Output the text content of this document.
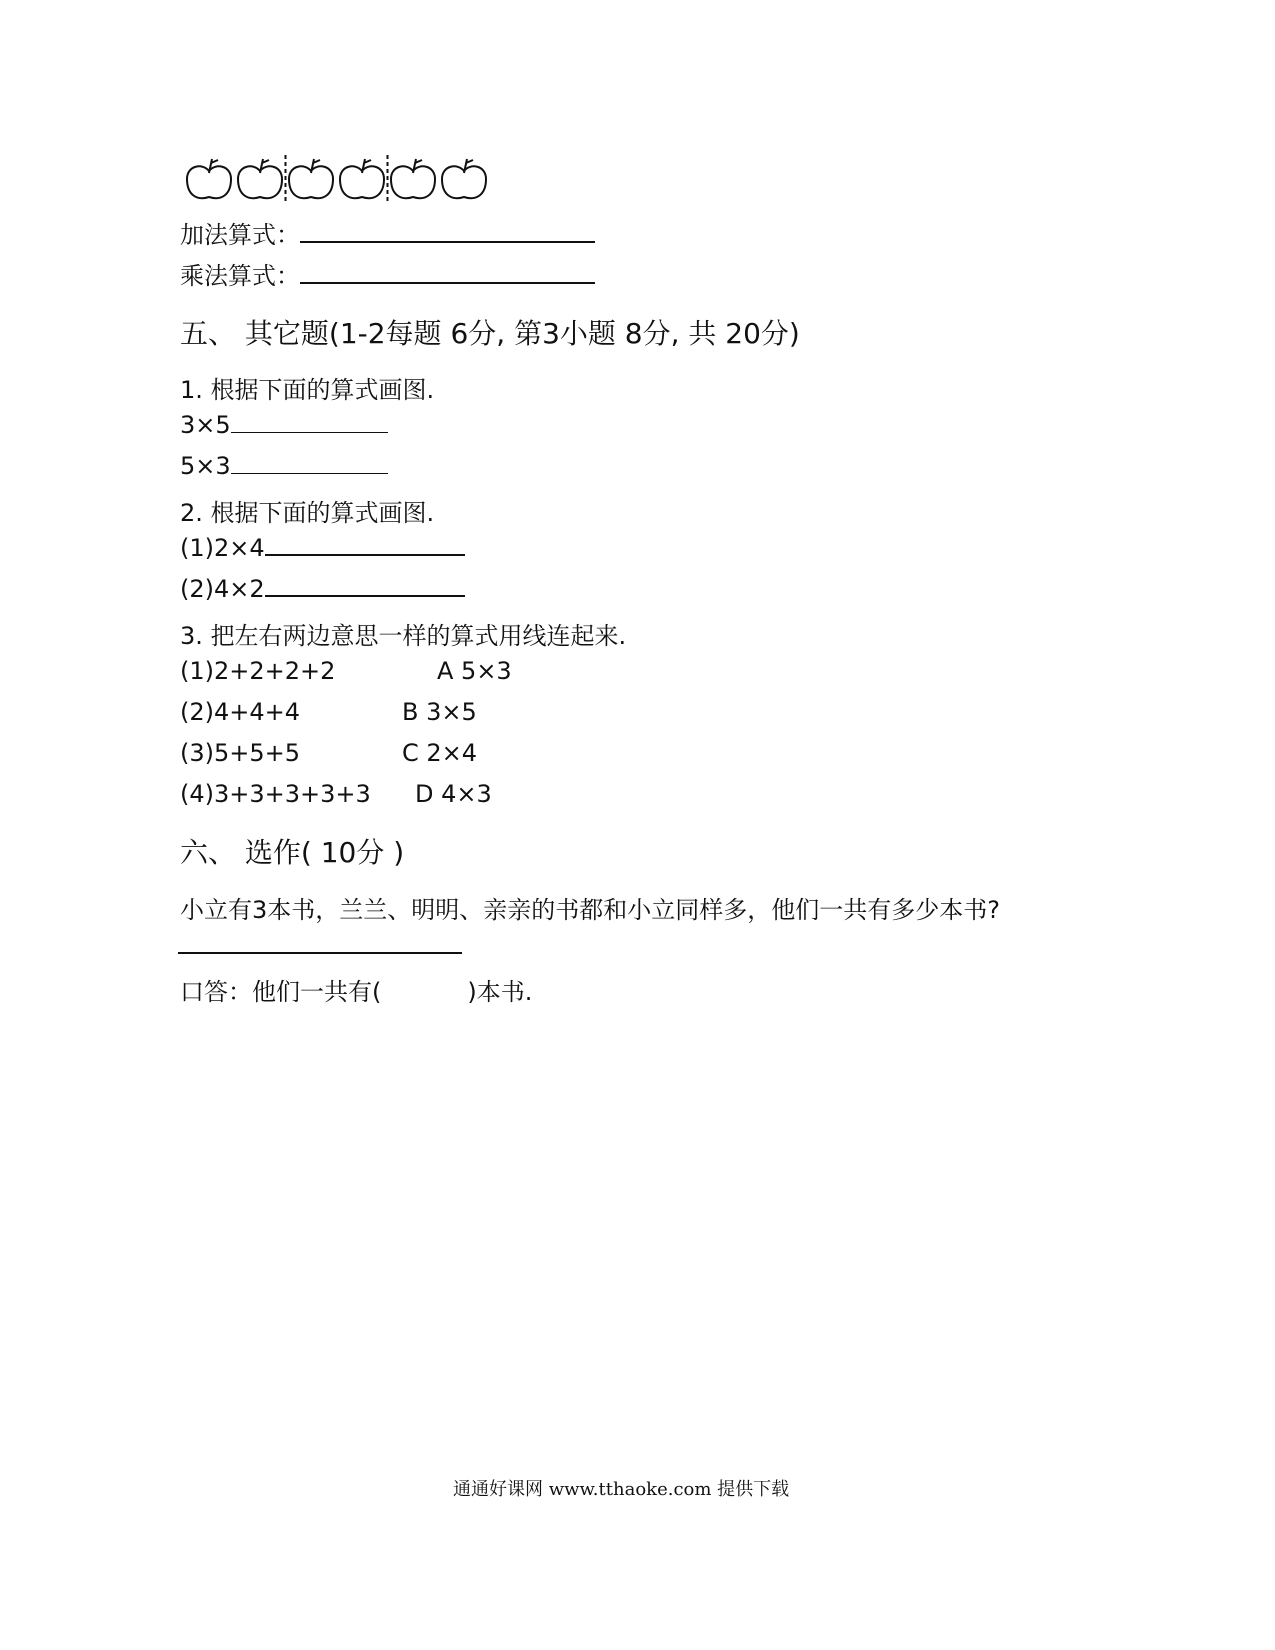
加法算式：
乘法算式：
五、 其它题(1-2每题 6分, 第3小题 8分, 共 20分)
1. 根据下面的算式画图.
3×5
5×3
2. 根据下面的算式画图.
(1)2×4
(2)4×2
3. 把左右两边意思一样的算式用线连起来.
(1)2+2+2+2	A 5×3
(2)4+4+4	B 3×5
(3)5+5+5	C 2×4
(4)3+3+3+3+3 D 4×3
六、 选作( 10分 )
小立有3本书，兰兰、明明、亲亲的书都和小立同样多，他们一共有多少本书?
口答：他们一共有(	)本书.
通通好课网 www.tthaoke.com 提供下载
